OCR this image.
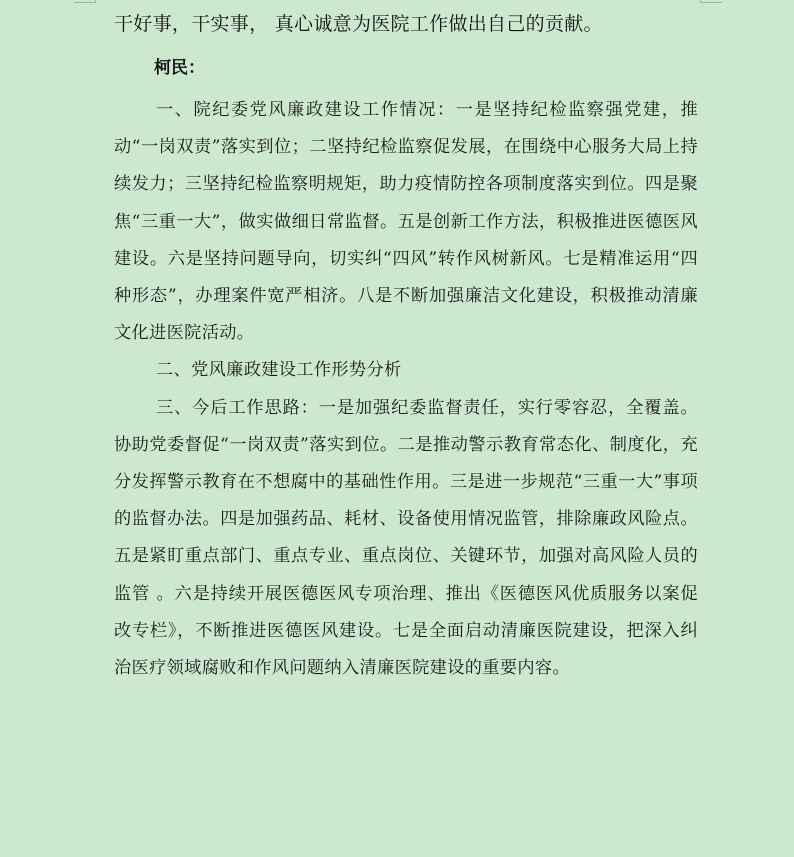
干好事，干实事， 真心诚意为医院工作做出自己的贡献。
柯民：

一、院纪委党风廉政建设工作情况：一是坚持纪检监察强党建，推动“一岗双责”落实到位；二坚持纪检监察促发展，在围绕中心服务大局上持续发力；三坚持纪检监察明规矩，助力疫情防控各项制度落实到位。四是聚焦“三重一大”，做实做细日常监督。五是创新工作方法，积极推进医德医风建设。六是坚持问题导向，切实纠“四风”转作风树新风。七是精准运用“四种形态”，办理案件宽严相济。八是不断加强廉洁文化建设，积极推动清廉文化进医院活动。

二、党风廉政建设工作形势分析

三、今后工作思路：一是加强纪委监督责任，实行零容忍，全覆盖。协助党委督促“一岗双责”落实到位。二是推动警示教育常态化、制度化，充分发挥警示教育在不想腐中的基础性作用。三是进一步规范“三重一大”事项的监督办法。四是加强药品、耗材、设备使用情况监管，排除廉政风险点。五是紧盯重点部门、重点专业、重点岗位、关键环节，加强对高风险人员的监管 。六是持续开展医德医风专项治理、推出《医德医风优质服务以案促改专栏》，不断推进医德医风建设。七是全面启动清廉医院建设，把深入纠治医疗领域腐败和作风问题纳入清廉医院建设的重要内容。
